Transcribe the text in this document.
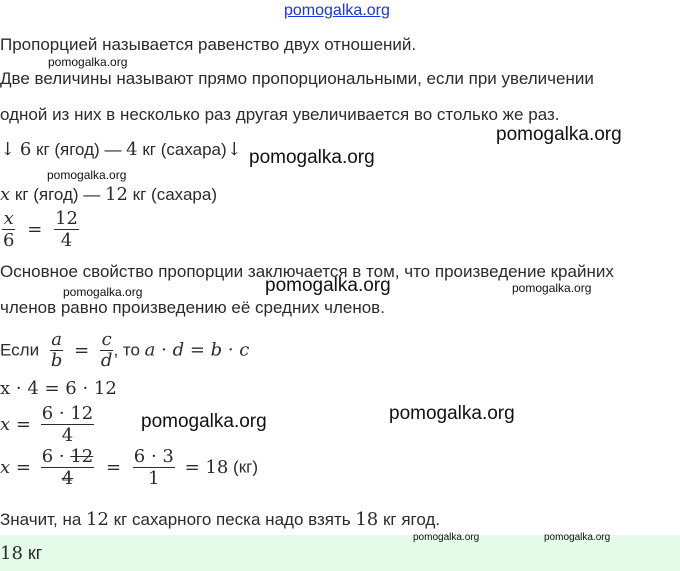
pomogalka.org
Пропорцией называется равенство двух отношений.
Две величины называют прямо пропорциональными, если при увеличении
одной из них в несколько раз другая увеличивается во столько же раз.
↓ 6 кг (ягод) — 4 кг (сахара)↓
x кг (ягод) — 12 кг (сахара)
$\frac{x}{6} = \frac{12}{4}$
Основное свойство пропорции заключается в том, что произведение крайних
членов равно произведению её средних членов.
Если $\frac{a}{b} = \frac{c}{d}$ , то a · d = b · c
x · 4 = 6 · 12
$x = \frac{6 \cdot 12}{4}$
$x = \frac{6 \cdot 12}{4} = \frac{6 \cdot 3}{1} = 18$ (кг)
Значит, на 12 кг сахарного песка надо взять 18 кг ягод.
18 кг
pomogalka.org
pomogalka.org
pomogalka.org
pomogalka.org
pomogalka.org
pomogalka.org	pomogalka.org
pomogalka.org
pomogalka.org
pomogalka.org	pomogalka.org
